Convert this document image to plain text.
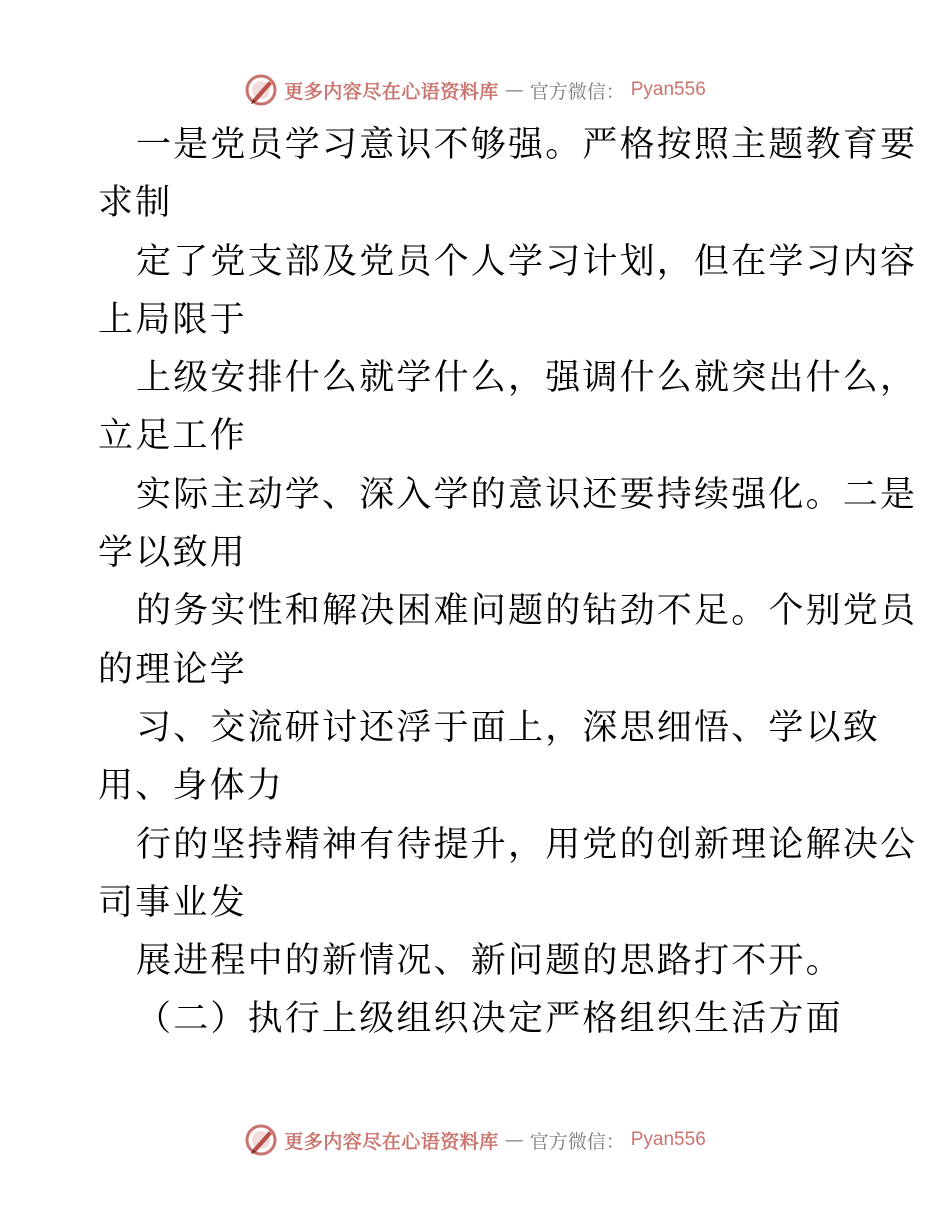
更多内容尽在心语资料库 — 官方微信： Pyan556
一是党员学习意识不够强。严格按照主题教育要
求制
定了党支部及党员个人学习计划，但在学习内容
上局限于
上级安排什么就学什么，强调什么就突出什么，
立足工作
实际主动学、深入学的意识还要持续强化。二是
学以致用
的务实性和解决困难问题的钻劲不足。个别党员
的理论学
习、交流研讨还浮于面上，深思细悟、学以致
用、身体力
行的坚持精神有待提升，用党的创新理论解决公
司事业发
展进程中的新情况、新问题的思路打不开。
（二）执行上级组织决定严格组织生活方面
更多内容尽在心语资料库 — 官方微信： Pyan556
